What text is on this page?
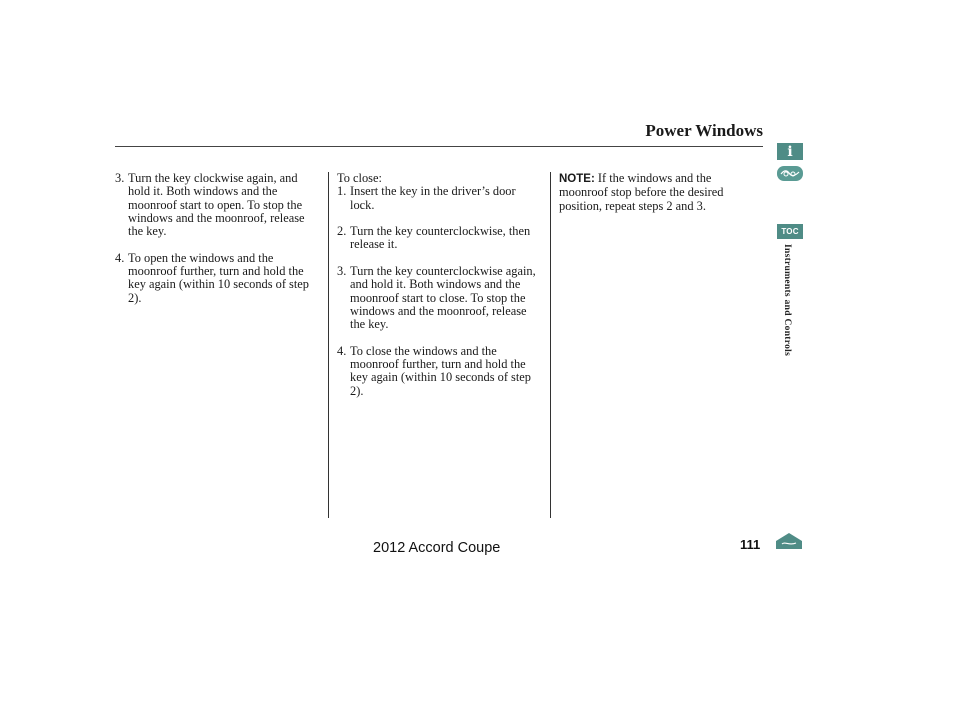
Power Windows
3. Turn the key clockwise again, and hold it. Both windows and the moonroof start to open. To stop the windows and the moonroof, release the key.
4. To open the windows and the moonroof further, turn and hold the key again (within 10 seconds of step 2).
To close:
1. Insert the key in the driver’s door lock.
2. Turn the key counterclockwise, then release it.
3. Turn the key counterclockwise again, and hold it. Both windows and the moonroof start to close. To stop the windows and the moonroof, release the key.
4. To close the windows and the moonroof further, turn and hold the key again (within 10 seconds of step 2).
NOTE: If the windows and the moonroof stop before the desired position, repeat steps 2 and 3.
i
TOC
Instruments and Controls
2012 Accord Coupe	111
